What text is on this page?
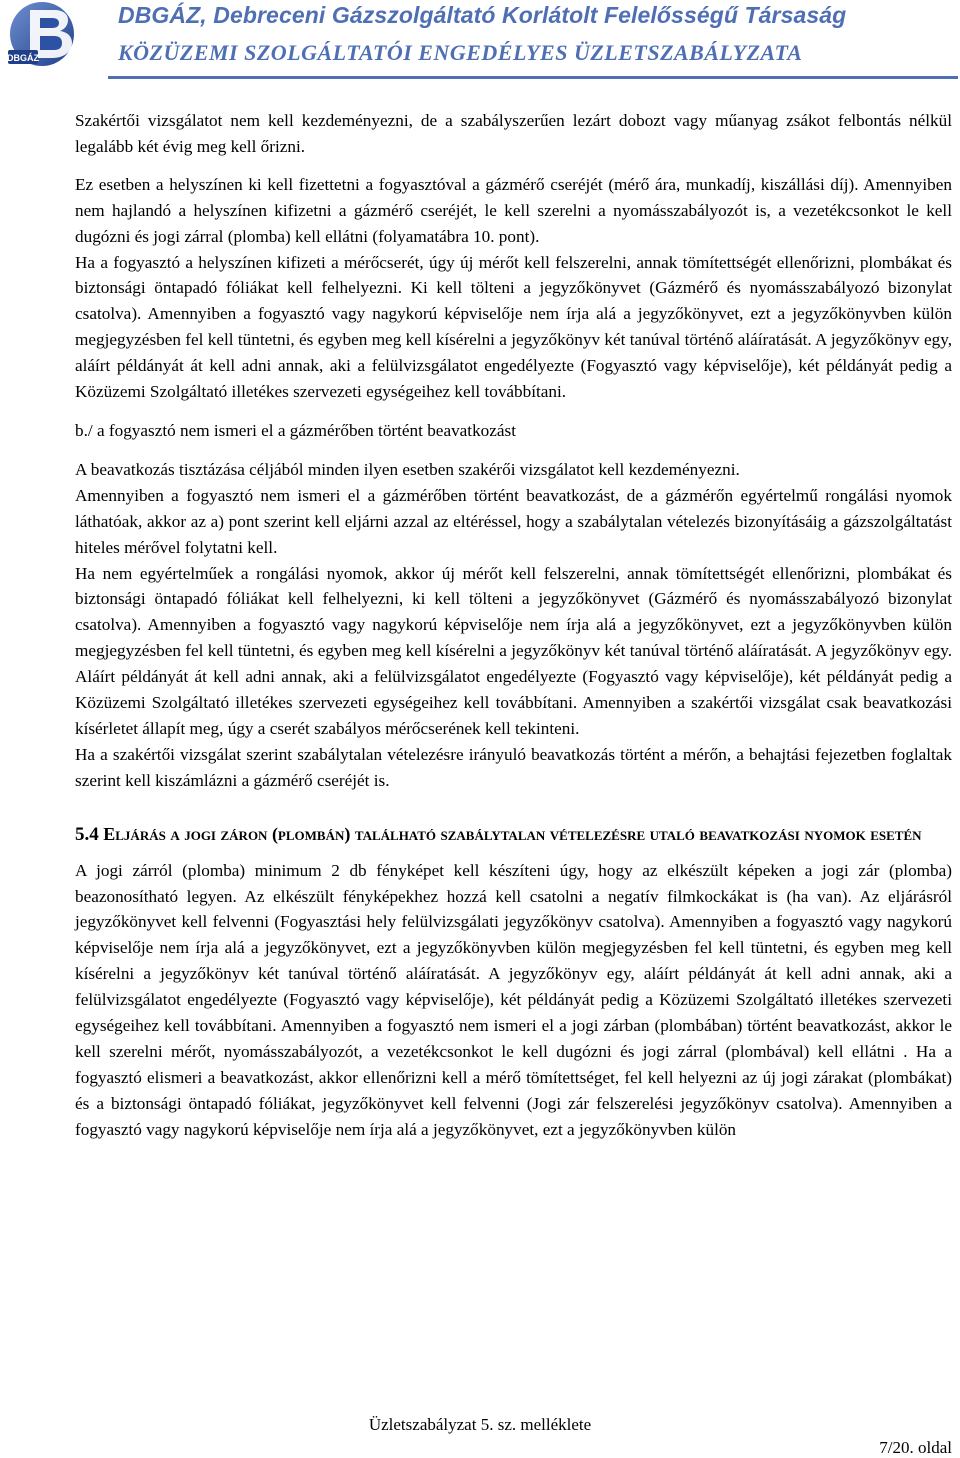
DBGÁZ
DBGÁZ, Debreceni Gázszolgáltató Korlátolt Felelősségű Társaság
KÖZÜZEMI SZOLGÁLTATÓI ENGEDÉLYES ÜZLETSZABÁLYZATA

Szakértői vizsgálatot nem kell kezdeményezni, de a szabályszerűen lezárt dobozt vagy műanyag zsákot felbontás nélkül legalább két évig meg kell őrizni.

Ez esetben a helyszínen ki kell fizettetni a fogyasztóval a gázmérő cseréjét (mérő ára, munkadíj, kiszállási díj). Amennyiben nem hajlandó a helyszínen kifizetni a gázmérő cseréjét, le kell szerelni a nyomásszabályozót is, a vezetékcsonkot le kell dugózni és jogi zárral (plomba) kell ellátni (folyamatábra 10. pont).

Ha a fogyasztó a helyszínen kifizeti a mérőcserét, úgy új mérőt kell felszerelni, annak tömítettségét ellenőrizni, plombákat és biztonsági öntapadó fóliákat kell felhelyezni. Ki kell tölteni a jegyzőkönyvet (Gázmérő és nyomásszabályozó bizonylat csatolva). Amennyiben a fogyasztó vagy nagykorú képviselője nem írja alá a jegyzőkönyvet, ezt a jegyzőkönyvben külön megjegyzésben fel kell tüntetni, és egyben meg kell kísérelni a jegyzőkönyv két tanúval történő aláíratását. A jegyzőkönyv egy, aláírt példányát át kell adni annak, aki a felülvizsgálatot engedélyezte (Fogyasztó vagy képviselője), két példányát pedig a Közüzemi Szolgáltató illetékes szervezeti egységeihez kell továbbítani.

b./ a fogyasztó nem ismeri el a gázmérőben történt beavatkozást

A beavatkozás tisztázása céljából minden ilyen esetben szakérői vizsgálatot kell kezdeményezni.

Amennyiben a fogyasztó nem ismeri el a gázmérőben történt beavatkozást, de a gázmérőn egyértelmű rongálási nyomok láthatóak, akkor az a) pont szerint kell eljárni azzal az eltéréssel, hogy a szabálytalan vételezés bizonyításáig a gázszolgáltatást hiteles mérővel folytatni kell.

Ha nem egyértelműek a rongálási nyomok, akkor új mérőt kell felszerelni, annak tömítettségét ellenőrizni, plombákat és biztonsági öntapadó fóliákat kell felhelyezni, ki kell tölteni a jegyzőkönyvet (Gázmérő és nyomásszabályozó bizonylat csatolva). Amennyiben a fogyasztó vagy nagykorú képviselője nem írja alá a jegyzőkönyvet, ezt a jegyzőkönyvben külön megjegyzésben fel kell tüntetni, és egyben meg kell kísérelni a jegyzőkönyv két tanúval történő aláíratását. A jegyzőkönyv egy. Aláírt példányát át kell adni annak, aki a felülvizsgálatot engedélyezte (Fogyasztó vagy képviselője), két példányát pedig a Közüzemi Szolgáltató illetékes szervezeti egységeihez kell továbbítani. Amennyiben a szakértői vizsgálat csak beavatkozási kísérletet állapít meg, úgy a cserét szabályos mérőcserének kell tekinteni.

Ha a szakértői vizsgálat szerint szabálytalan vételezésre irányuló beavatkozás történt a mérőn, a behajtási fejezetben foglaltak szerint kell kiszámlázni a gázmérő cseréjét is.

5.4 Eljárás a jogi záron (plombán) található szabálytalan vételezésre utaló beavatkozási nyomok esetén

A jogi zárról (plomba) minimum 2 db fényképet kell készíteni úgy, hogy az elkészült képeken a jogi zár (plomba) beazonosítható legyen. Az elkészült fényképekhez hozzá kell csatolni a negatív filmkockákat is (ha van). Az eljárásról jegyzőkönyvet kell felvenni (Fogyasztási hely felülvizsgálati jegyzőkönyv csatolva). Amennyiben a fogyasztó vagy nagykorú képviselője nem írja alá a jegyzőkönyvet, ezt a jegyzőkönyvben külön megjegyzésben fel kell tüntetni, és egyben meg kell kísérelni a jegyzőkönyv két tanúval történő aláíratását. A jegyzőkönyv egy, aláírt példányát át kell adni annak, aki a felülvizsgálatot engedélyezte (Fogyasztó vagy képviselője), két példányát pedig a Közüzemi Szolgáltató illetékes szervezeti egységeihez kell továbbítani. Amennyiben a fogyasztó nem ismeri el a jogi zárban (plombában) történt beavatkozást, akkor le kell szerelni mérőt, nyomásszabályozót, a vezetékcsonkot le kell dugózni és jogi zárral (plombával) kell ellátni . Ha a fogyasztó elismeri a beavatkozást, akkor ellenőrizni kell a mérő tömítettséget, fel kell helyezni az új jogi zárakat (plombákat) és a biztonsági öntapadó fóliákat, jegyzőkönyvet kell felvenni (Jogi zár felszerelési jegyzőkönyv csatolva). Amennyiben a fogyasztó vagy nagykorú képviselője nem írja alá a jegyzőkönyvet, ezt a jegyzőkönyvben külön

Üzletszabályzat 5. sz. melléklete
7/20. oldal
